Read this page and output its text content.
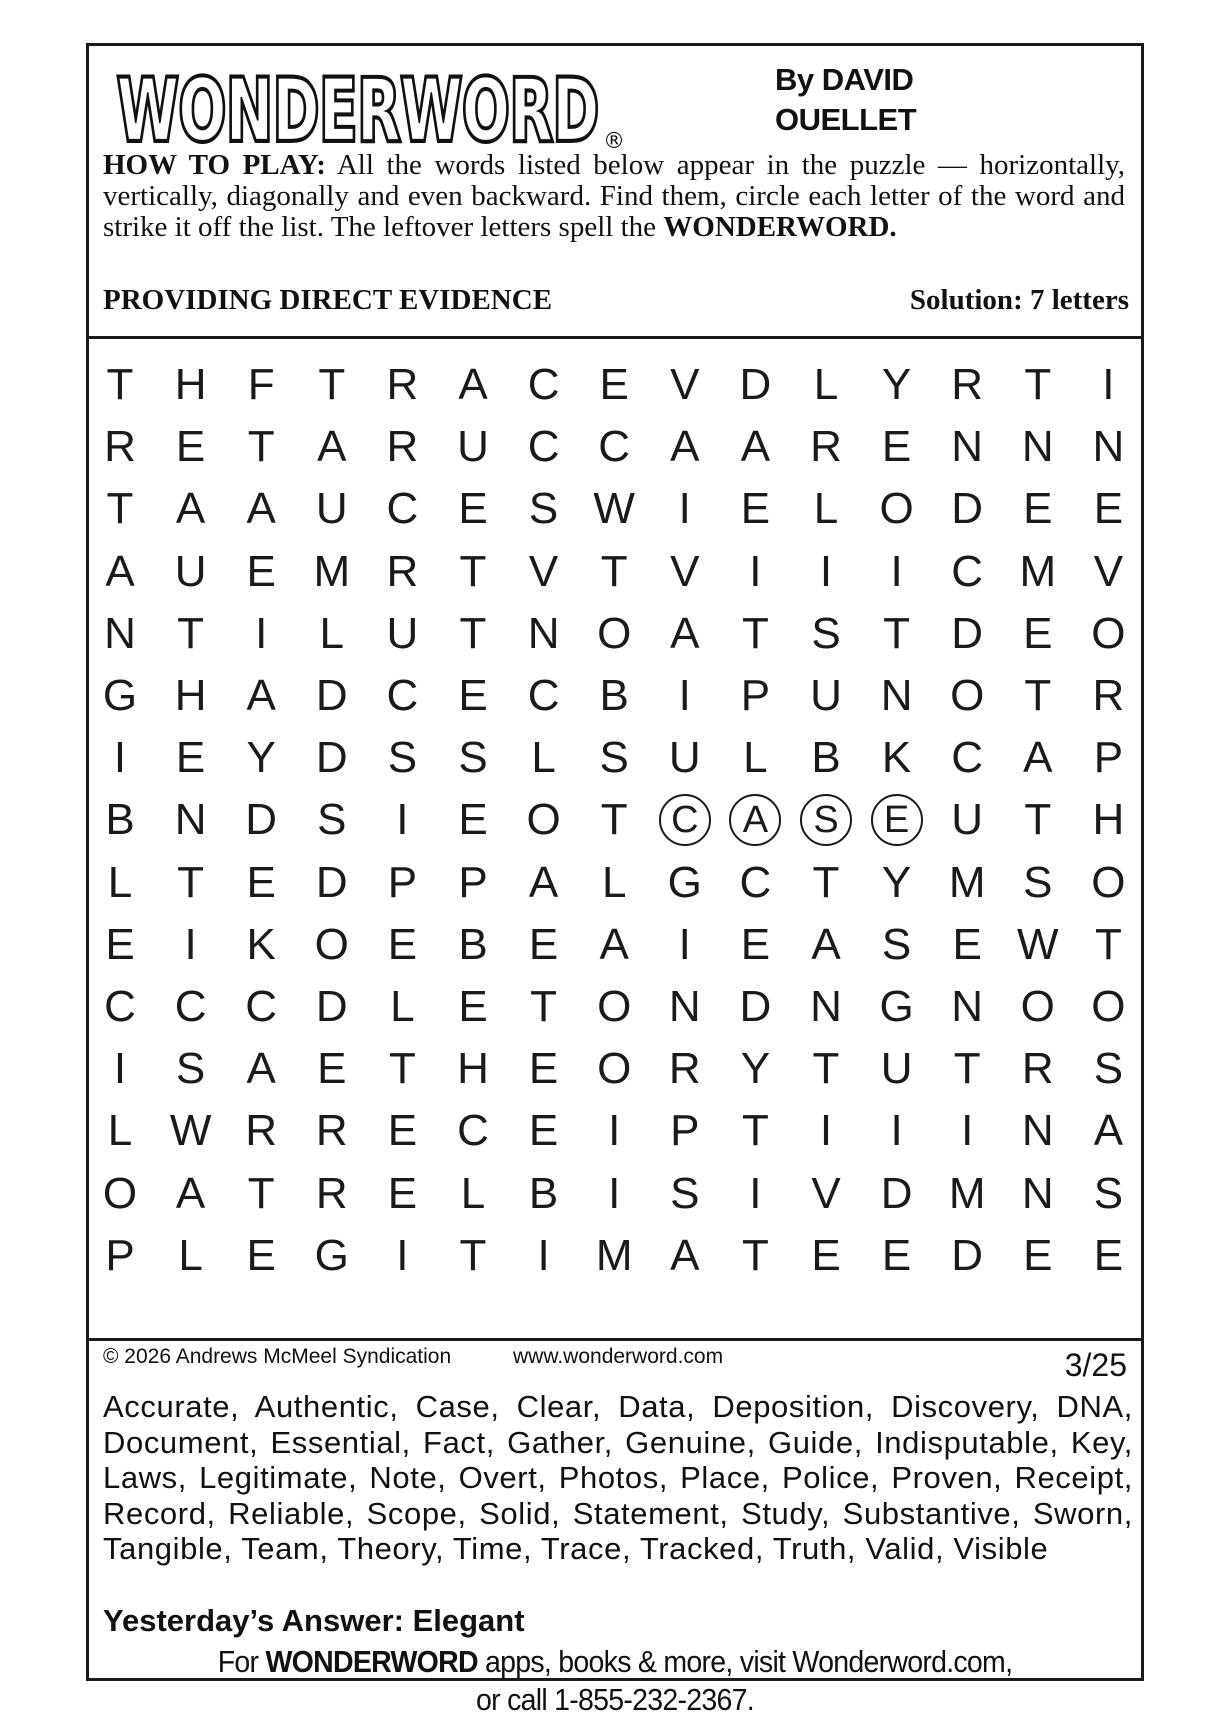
WONDERWORD
WONDERWORD ®
By DAVID
OUELLET
HOW TO PLAY: All the words listed below appear in the puzzle — horizontally, vertically, diagonally and even backward. Find them, circle each letter of the word and strike it off the list. The leftover letters spell the WONDERWORD.
PROVIDING DIRECT EVIDENCE	Solution: 7 letters
T H F T R A C E V D L Y R T	I
R E T A R U C C A A R E N N N
T A A U C E S W I	E L O D E E
A U E M R T V T V	I	I	I	C M V
N T	I	L U T N O A T S T D E O
G H A D C E C B	I	P U N O T R
I	E Y D S S L S U L B K C A P
B N D S	I	E O T	C	A	S	E U T H
L T E D P P A L G C T Y M S O
E	I	K O E B E A	I	E A S E W T
C C C D L E T O N D N G N O O
I	S A E T H E O R Y T U T R S
L W R R E C E	I	P T	I	I	I	N A
O A T R E L B	I	S	I	V D M N S
P L E G	I	T	I	M A T E E D E E
© 2026 Andrews McMeel Syndication	www.wonderword.com	3/25
Accurate, Authentic, Case, Clear, Data, Deposition, Discovery, DNA, Document, Essential, Fact, Gather, Genuine, Guide, Indisputable, Key, Laws, Legitimate, Note, Overt, Photos, Place, Police, Proven, Receipt, Record, Reliable, Scope, Solid, Statement, Study, Substantive, Sworn, Tangible, Team, Theory, Time, Trace, Tracked, Truth, Valid, Visible
Yesterday’s Answer: Elegant
For WONDERWORD apps, books & more, visit Wonderword.com,
or call 1-855-232-2367.
